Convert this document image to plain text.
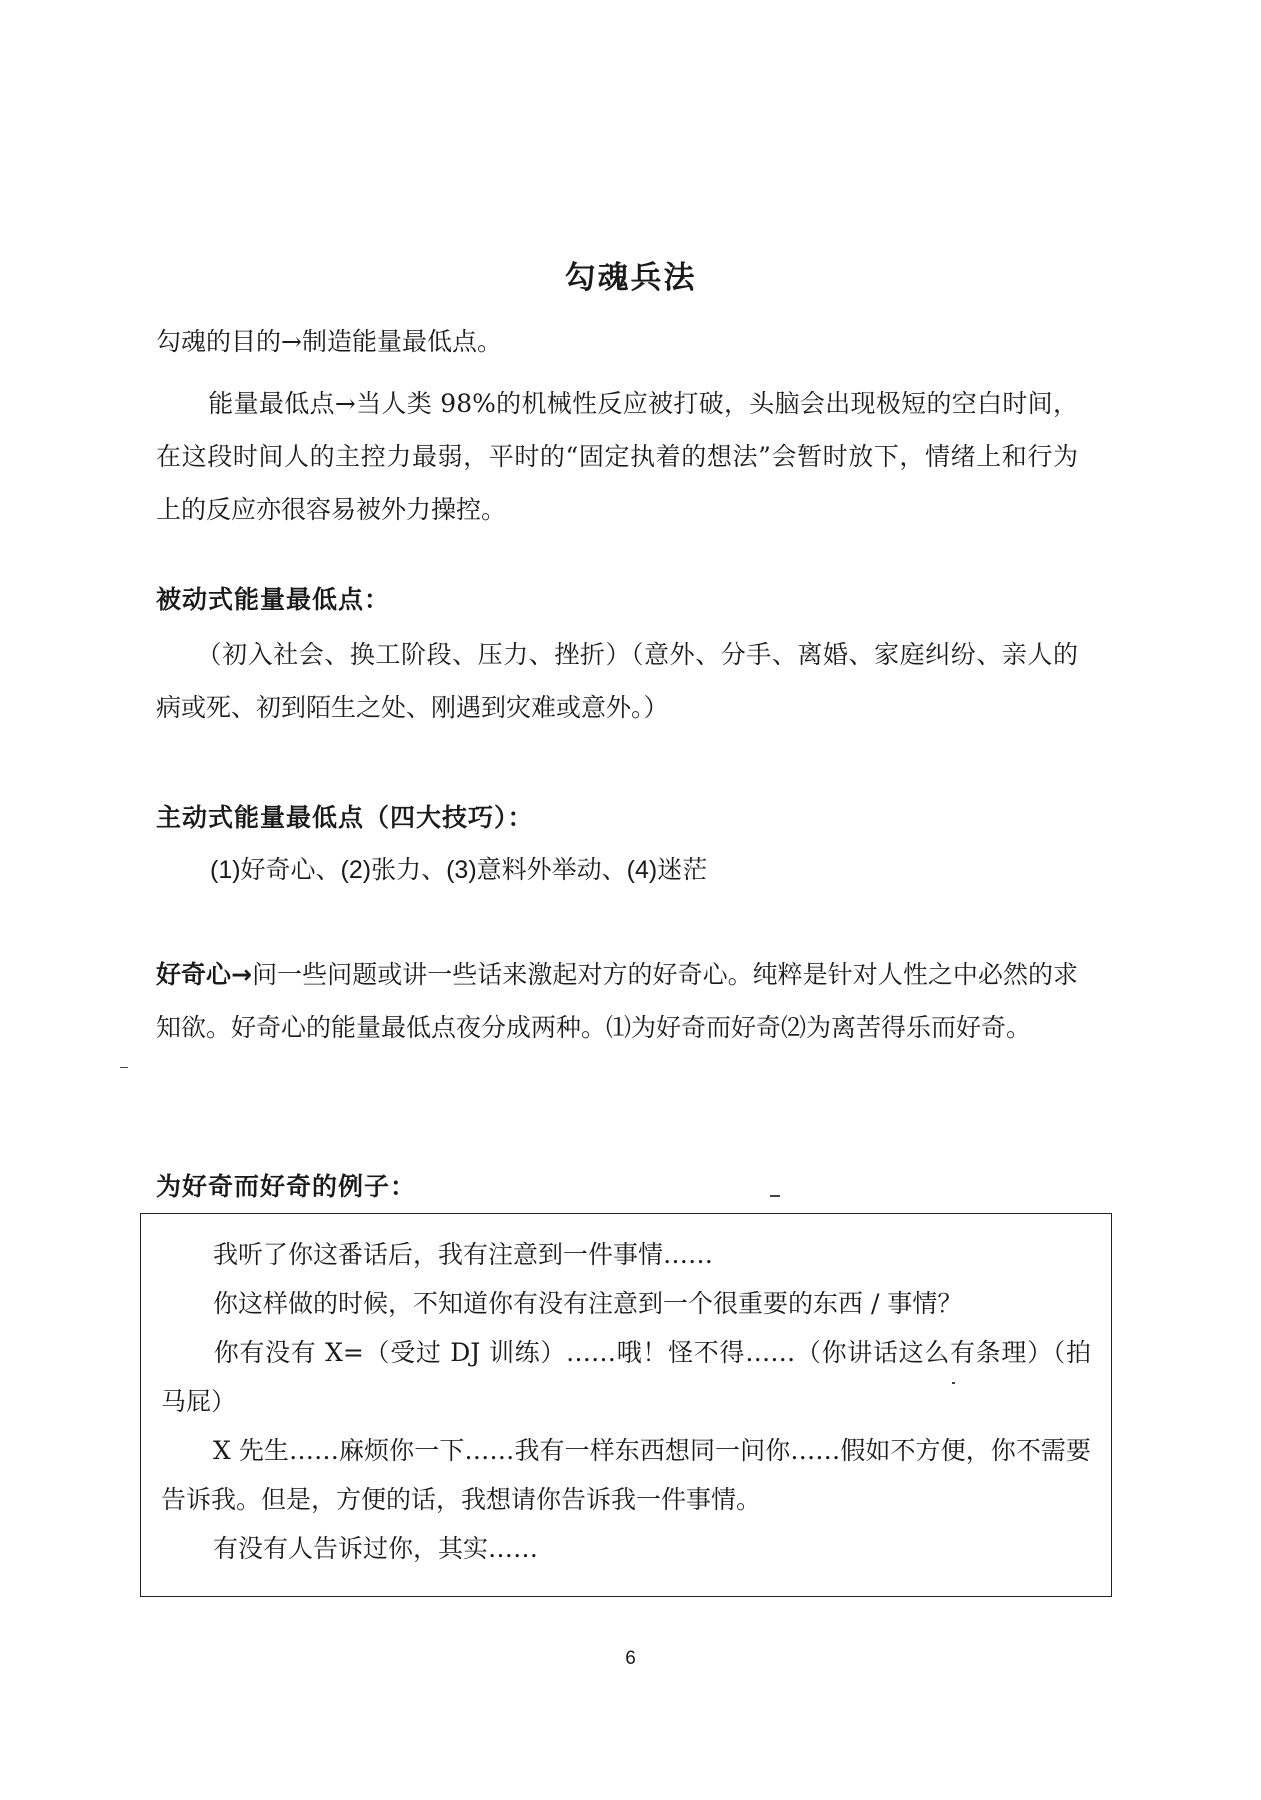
勾魂兵法
勾魂的目的→制造能量最低点。
能量最低点→当人类 98%的机械性反应被打破，头脑会出现极短的空白时间，在这段时间人的主控力最弱，平时的“固定执着的想法”会暂时放下，情绪上和行为上的反应亦很容易被外力操控。
被动式能量最低点：
（初入社会、换工阶段、压力、挫折）（意外、分手、离婚、家庭纠纷、亲人的病或死、初到陌生之处、刚遇到灾难或意外。）
主动式能量最低点（四大技巧）：
(1)好奇心、(2)张力、(3)意料外举动、(4)迷茫
好奇心→问一些问题或讲一些话来激起对方的好奇心。纯粹是针对人性之中必然的求知欲。好奇心的能量最低点夜分成两种。⑴为好奇而好奇⑵为离苦得乐而好奇。
为好奇而好奇的例子：
我听了你这番话后，我有注意到一件事情……
你这样做的时候，不知道你有没有注意到一个很重要的东西 / 事情？
你有没有 X=（受过 DJ 训练）……哦！怪不得……（你讲话这么有条理）（拍马屁）
X 先生……麻烦你一下……我有一样东西想同一问你……假如不方便，你不需要告诉我。但是，方便的话，我想请你告诉我一件事情。
有没有人告诉过你，其实……
6
